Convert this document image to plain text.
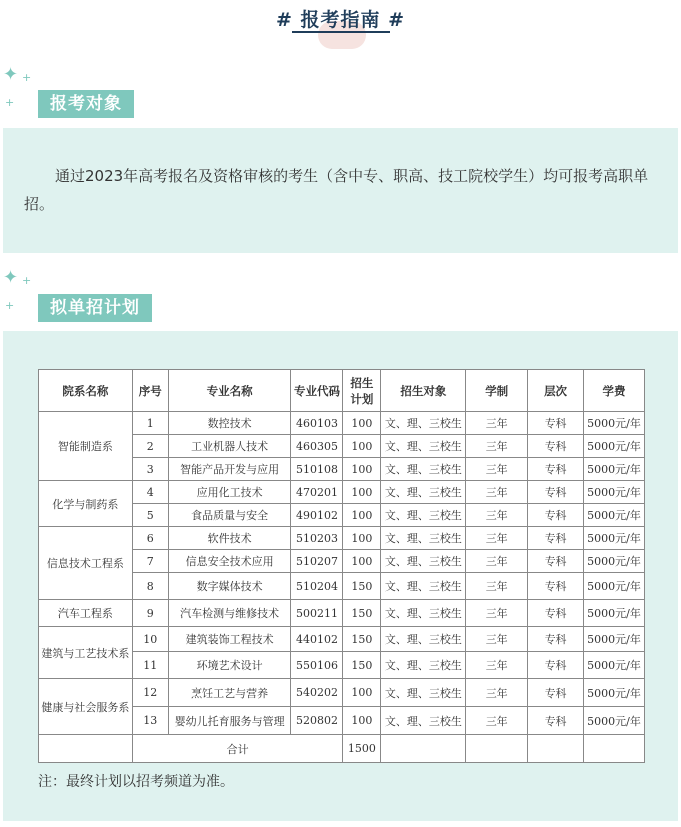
# 报考指南 #
✦ +
+	报考对象
通过2023年高考报名及资格审核的考生（含中专、职高、技工院校学生）均可报考高职单招。
✦ +
+	拟单招计划
院系名称	序号	专业名称	专业代码	招生计划	招生对象	学制	层次	学费
智能制造系	1	数控技术	460103	100	文、理、三校生	三年	专科	5000元/年
	2	工业机器人技术	460305	100	文、理、三校生	三年	专科	5000元/年
	3	智能产品开发与应用	510108	100	文、理、三校生	三年	专科	5000元/年
化学与制药系	4	应用化工技术	470201	100	文、理、三校生	三年	专科	5000元/年
	5	食品质量与安全	490102	100	文、理、三校生	三年	专科	5000元/年
信息技术工程系	6	软件技术	510203	100	文、理、三校生	三年	专科	5000元/年
	7	信息安全技术应用	510207	100	文、理、三校生	三年	专科	5000元/年
	8	数字媒体技术	510204	150	文、理、三校生	三年	专科	5000元/年
汽车工程系	9	汽车检测与维修技术	500211	150	文、理、三校生	三年	专科	5000元/年
建筑与工艺技术系	10	建筑装饰工程技术	440102	150	文、理、三校生	三年	专科	5000元/年
	11	环境艺术设计	550106	150	文、理、三校生	三年	专科	5000元/年
健康与社会服务系	12	烹饪工艺与营养	540202	100	文、理、三校生	三年	专科	5000元/年
	13	婴幼儿托育服务与管理	520802	100	文、理、三校生	三年	专科	5000元/年
	合计			1500				
注：最终计划以招考频道为准。
